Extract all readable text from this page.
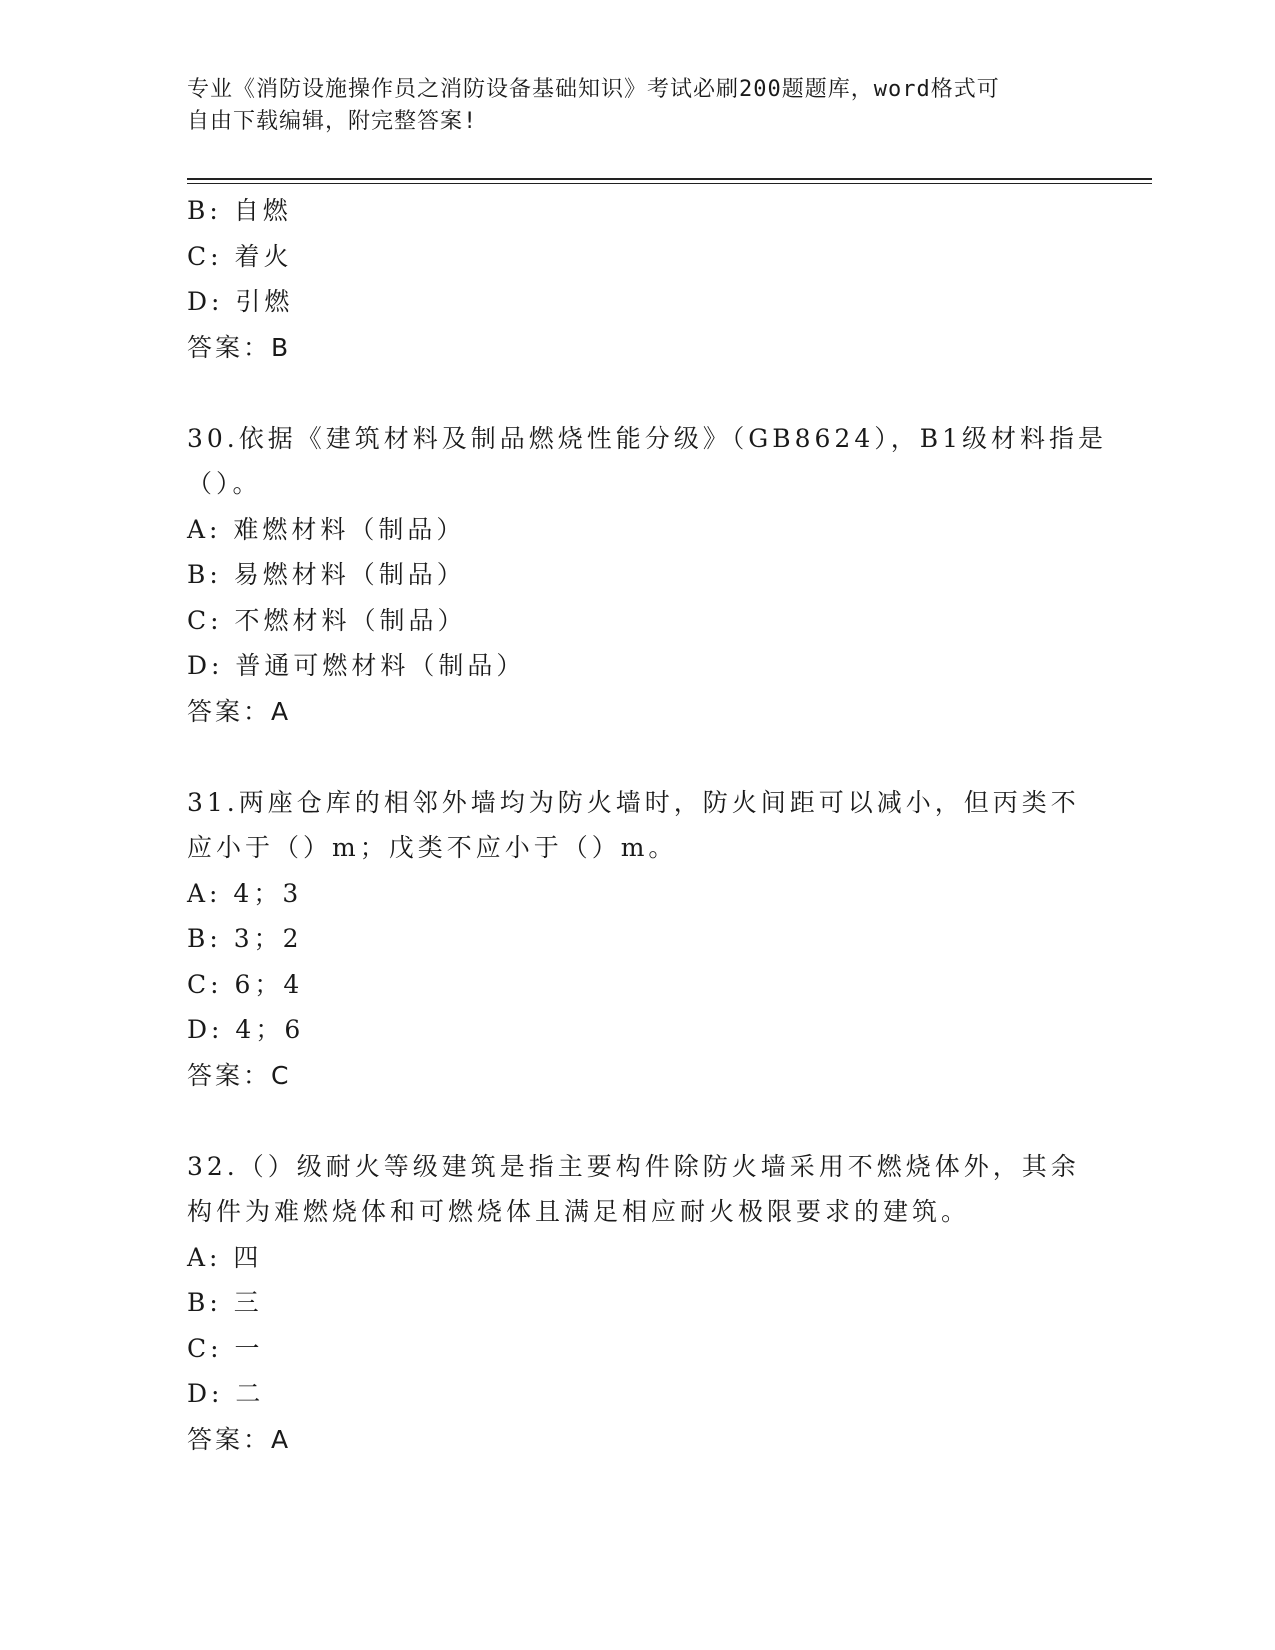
专业《消防设施操作员之消防设备基础知识》考试必刷200题题库，word格式可
自由下载编辑，附完整答案!
B: 自燃
C: 着火
D: 引燃
答案：B
30.依据《建筑材料及制品燃烧性能分级》（GB8624），B1级材料指是
（）。
A: 难燃材料（制品）
B: 易燃材料（制品）
C: 不燃材料（制品）
D: 普通可燃材料（制品）
答案：A
31.两座仓库的相邻外墙均为防火墙时，防火间距可以减小，但丙类不
应小于（）m；戊类不应小于（）m。
A: 4；3
B: 3；2
C: 6；4
D: 4；6
答案：C
32.（）级耐火等级建筑是指主要构件除防火墙采用不燃烧体外，其余
构件为难燃烧体和可燃烧体且满足相应耐火极限要求的建筑。
A: 四
B: 三
C: 一
D: 二
答案：A
